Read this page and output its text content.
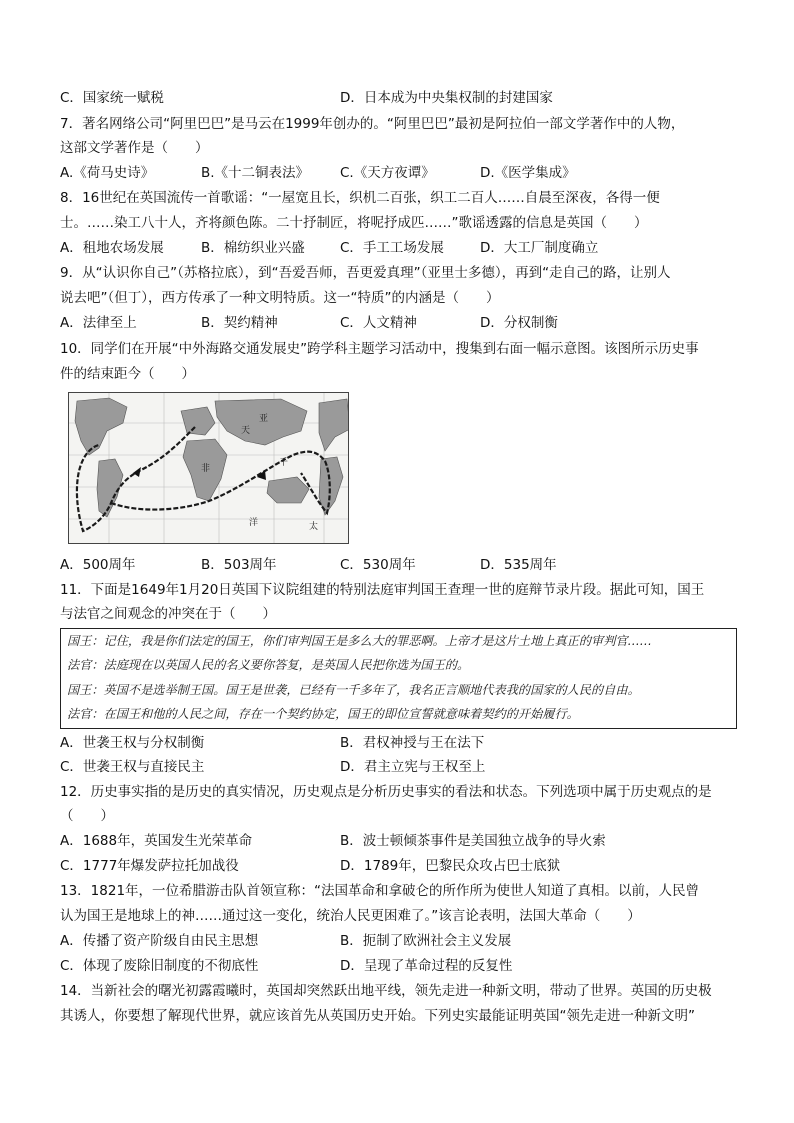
C．国家统一赋税	D．日本成为中央集权制的封建国家
7．著名网络公司“阿里巴巴”是马云在1999年创办的。“阿里巴巴”最初是阿拉伯一部文学著作中的人物，
这部文学著作是（　　）
A.《荷马史诗》	B.《十二铜表法》 C.《天方夜谭》	D.《医学集成》
8．16世纪在英国流传一首歌谣：“一屋宽且长，织机二百张，织工二百人……自晨至深夜，各得一便
士。……染工八十人，齐将颜色陈。二十抒制匠，将呢抒成匹……”歌谣透露的信息是英国（　　）
A．租地农场发展	B．棉纺织业兴盛	C．手工工场发展	D．大工厂制度确立
9．从“认识你自己”（苏格拉底），到“吾爱吾师，吾更爱真理”（亚里士多德），再到“走自己的路，让别人
说去吧”（但丁），西方传承了一种文明特质。这一“特质”的内涵是（　　）
A．法律至上	B．契约精神	C．人文精神	D．分权制衡
10．同学们在开展“中外海路交通发展史”跨学科主题学习活动中，搜集到右面一幅示意图。该图所示历史事
件的结束距今（　　）
天
千
亚
非
太
洋
A．500周年	B．503周年	C．530周年	D．535周年
11．下面是1649年1月20日英国下议院组建的特别法庭审判国王查理一世的庭辩节录片段。据此可知，国王
与法官之间观念的冲突在于（　　）
国王：记住，我是你们法定的国王，你们审判国王是多么大的罪恶啊。上帝才是这片土地上真正的审判官……
法官：法庭现在以英国人民的名义要你答复，是英国人民把你选为国王的。
国王：英国不是选举制王国。国王是世袭，已经有一千多年了，我名正言顺地代表我的国家的人民的自由。
法官：在国王和他的人民之间，存在一个契约协定，国王的即位宣誓就意味着契约的开始履行。
A．世袭王权与分权制衡	B．君权神授与王在法下
C．世袭王权与直接民主	D．君主立宪与王权至上
12．历史事实指的是历史的真实情况，历史观点是分析历史事实的看法和状态。下列选项中属于历史观点的是
（　　）
A．1688年，英国发生光荣革命	B．波士顿倾茶事件是美国独立战争的导火索
C．1777年爆发萨拉托加战役	D．1789年，巴黎民众攻占巴士底狱
13．1821年，一位希腊游击队首领宣称：“法国革命和拿破仑的所作所为使世人知道了真相。以前，人民曾
认为国王是地球上的神……通过这一变化，统治人民更困难了。”该言论表明，法国大革命（　　）
A．传播了资产阶级自由民主思想	B．扼制了欧洲社会主义发展
C．体现了废除旧制度的不彻底性	D．呈现了革命过程的反复性
14．当新社会的曙光初露霞曦时，英国却突然跃出地平线，领先走进一种新文明，带动了世界。英国的历史极
其诱人，你要想了解现代世界，就应该首先从英国历史开始。下列史实最能证明英国“领先走进一种新文明”
